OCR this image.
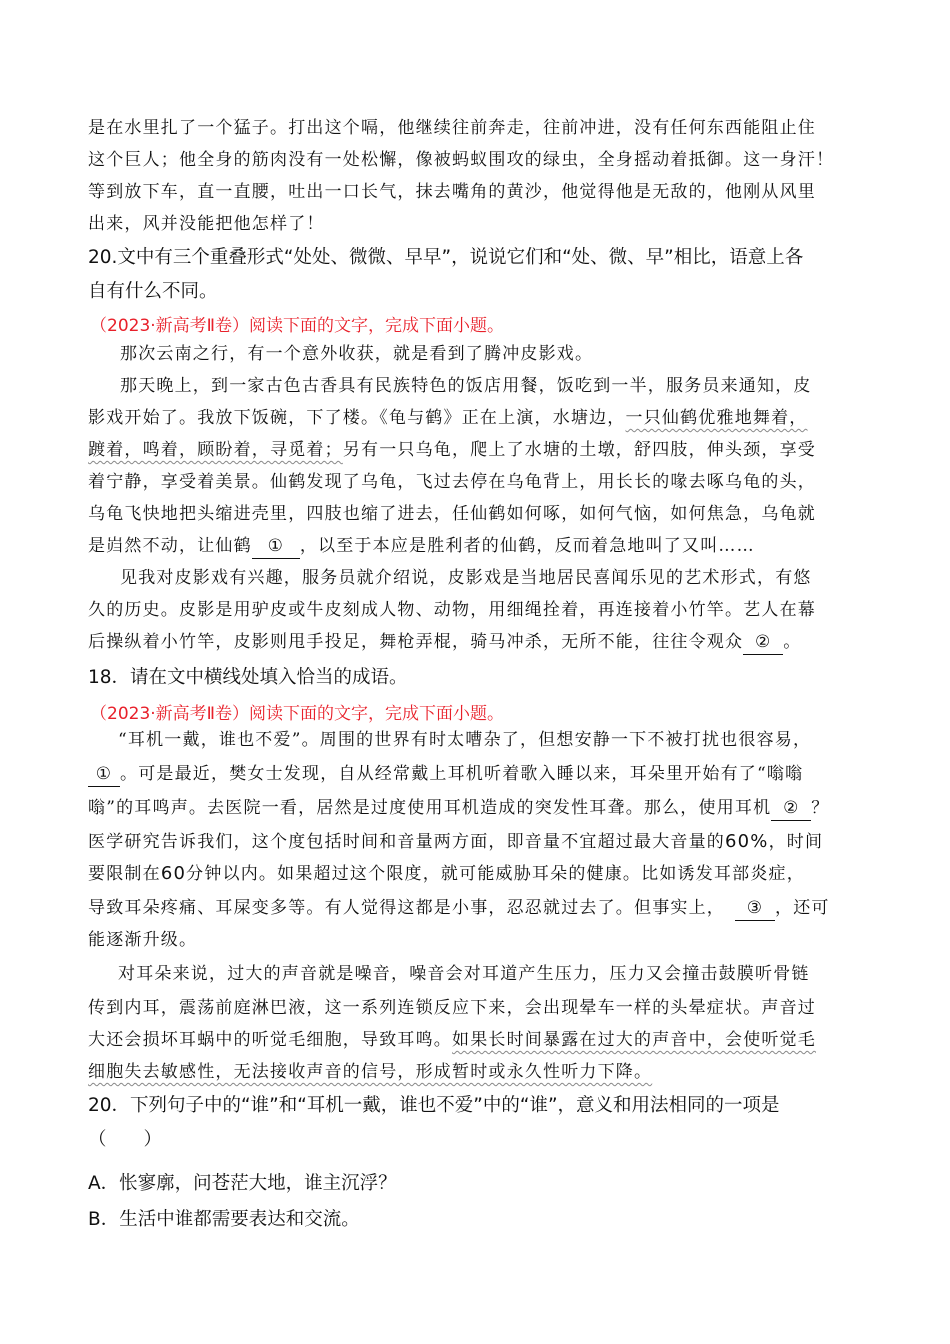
是在水里扎了一个猛子。打出这个嗝，他继续往前奔走，往前冲进，没有任何东西能阻止住
这个巨人；他全身的筋肉没有一处松懈，像被蚂蚁围攻的绿虫，全身摇动着抵御。这一身汗！
等到放下车，直一直腰，吐出一口长气，抹去嘴角的黄沙，他觉得他是无敌的，他刚从风里
出来，风并没能把他怎样了！
20.文中有三个重叠形式“处处、微微、早早”，说说它们和“处、微、早”相比，语意上各
自有什么不同。
（2023·新高考Ⅱ卷）阅读下面的文字，完成下面小题。
那次云南之行，有一个意外收获，就是看到了腾冲皮影戏。
那天晚上，到一家古色古香具有民族特色的饭店用餐，饭吃到一半，服务员来通知，皮
影戏开始了。我放下饭碗，下了楼。《龟与鹤》正在上演，水塘边，一只仙鹤优雅地舞着，
踱着，鸣着，顾盼着，寻觅着；另有一只乌龟，爬上了水塘的土墩，舒四肢，伸头颈，享受
着宁静，享受着美景。仙鹤发现了乌龟，飞过去停在乌龟背上，用长长的喙去啄乌龟的头，
乌龟飞快地把头缩进壳里，四肢也缩了进去，任仙鹤如何啄，如何气恼，如何焦急，乌龟就
是岿然不动，让仙鹤 ① ，以至于本应是胜利者的仙鹤，反而着急地叫了又叫……
见我对皮影戏有兴趣，服务员就介绍说，皮影戏是当地居民喜闻乐见的艺术形式，有悠
久的历史。皮影是用驴皮或牛皮刻成人物、动物，用细绳拴着，再连接着小竹竿。艺人在幕
后操纵着小竹竿，皮影则甩手投足，舞枪弄棍，骑马冲杀，无所不能，往往令观众 ② 。
18．请在文中横线处填入恰当的成语。
（2023·新高考Ⅱ卷）阅读下面的文字，完成下面小题。
“耳机一戴，谁也不爱”。周围的世界有时太嘈杂了，但想安静一下不被打扰也很容易，
① 。可是最近，樊女士发现，自从经常戴上耳机听着歌入睡以来，耳朵里开始有了“嗡嗡
嗡”的耳鸣声。去医院一看，居然是过度使用耳机造成的突发性耳聋。那么，使用耳机 ② ？
医学研究告诉我们，这个度包括时间和音量两方面，即音量不宜超过最大音量的60%，时间
要限制在60分钟以内。如果超过这个限度，就可能威胁耳朵的健康。比如诱发耳部炎症，
导致耳朵疼痛、耳屎变多等。有人觉得这都是小事，忍忍就过去了。但事实上， ③ ，还可
能逐渐升级。
对耳朵来说，过大的声音就是噪音，噪音会对耳道产生压力，压力又会撞击鼓膜听骨链
传到内耳，震荡前庭淋巴液，这一系列连锁反应下来，会出现晕车一样的头晕症状。声音过
大还会损坏耳蜗中的听觉毛细胞，导致耳鸣。如果长时间暴露在过大的声音中，会使听觉毛
细胞失去敏感性，无法接收声音的信号，形成暂时或永久性听力下降。
20．下列句子中的“谁”和“耳机一戴，谁也不爱”中的“谁”，意义和用法相同的一项是
（　　）
A．怅寥廓，问苍茫大地，谁主沉浮？
B．生活中谁都需要表达和交流。
